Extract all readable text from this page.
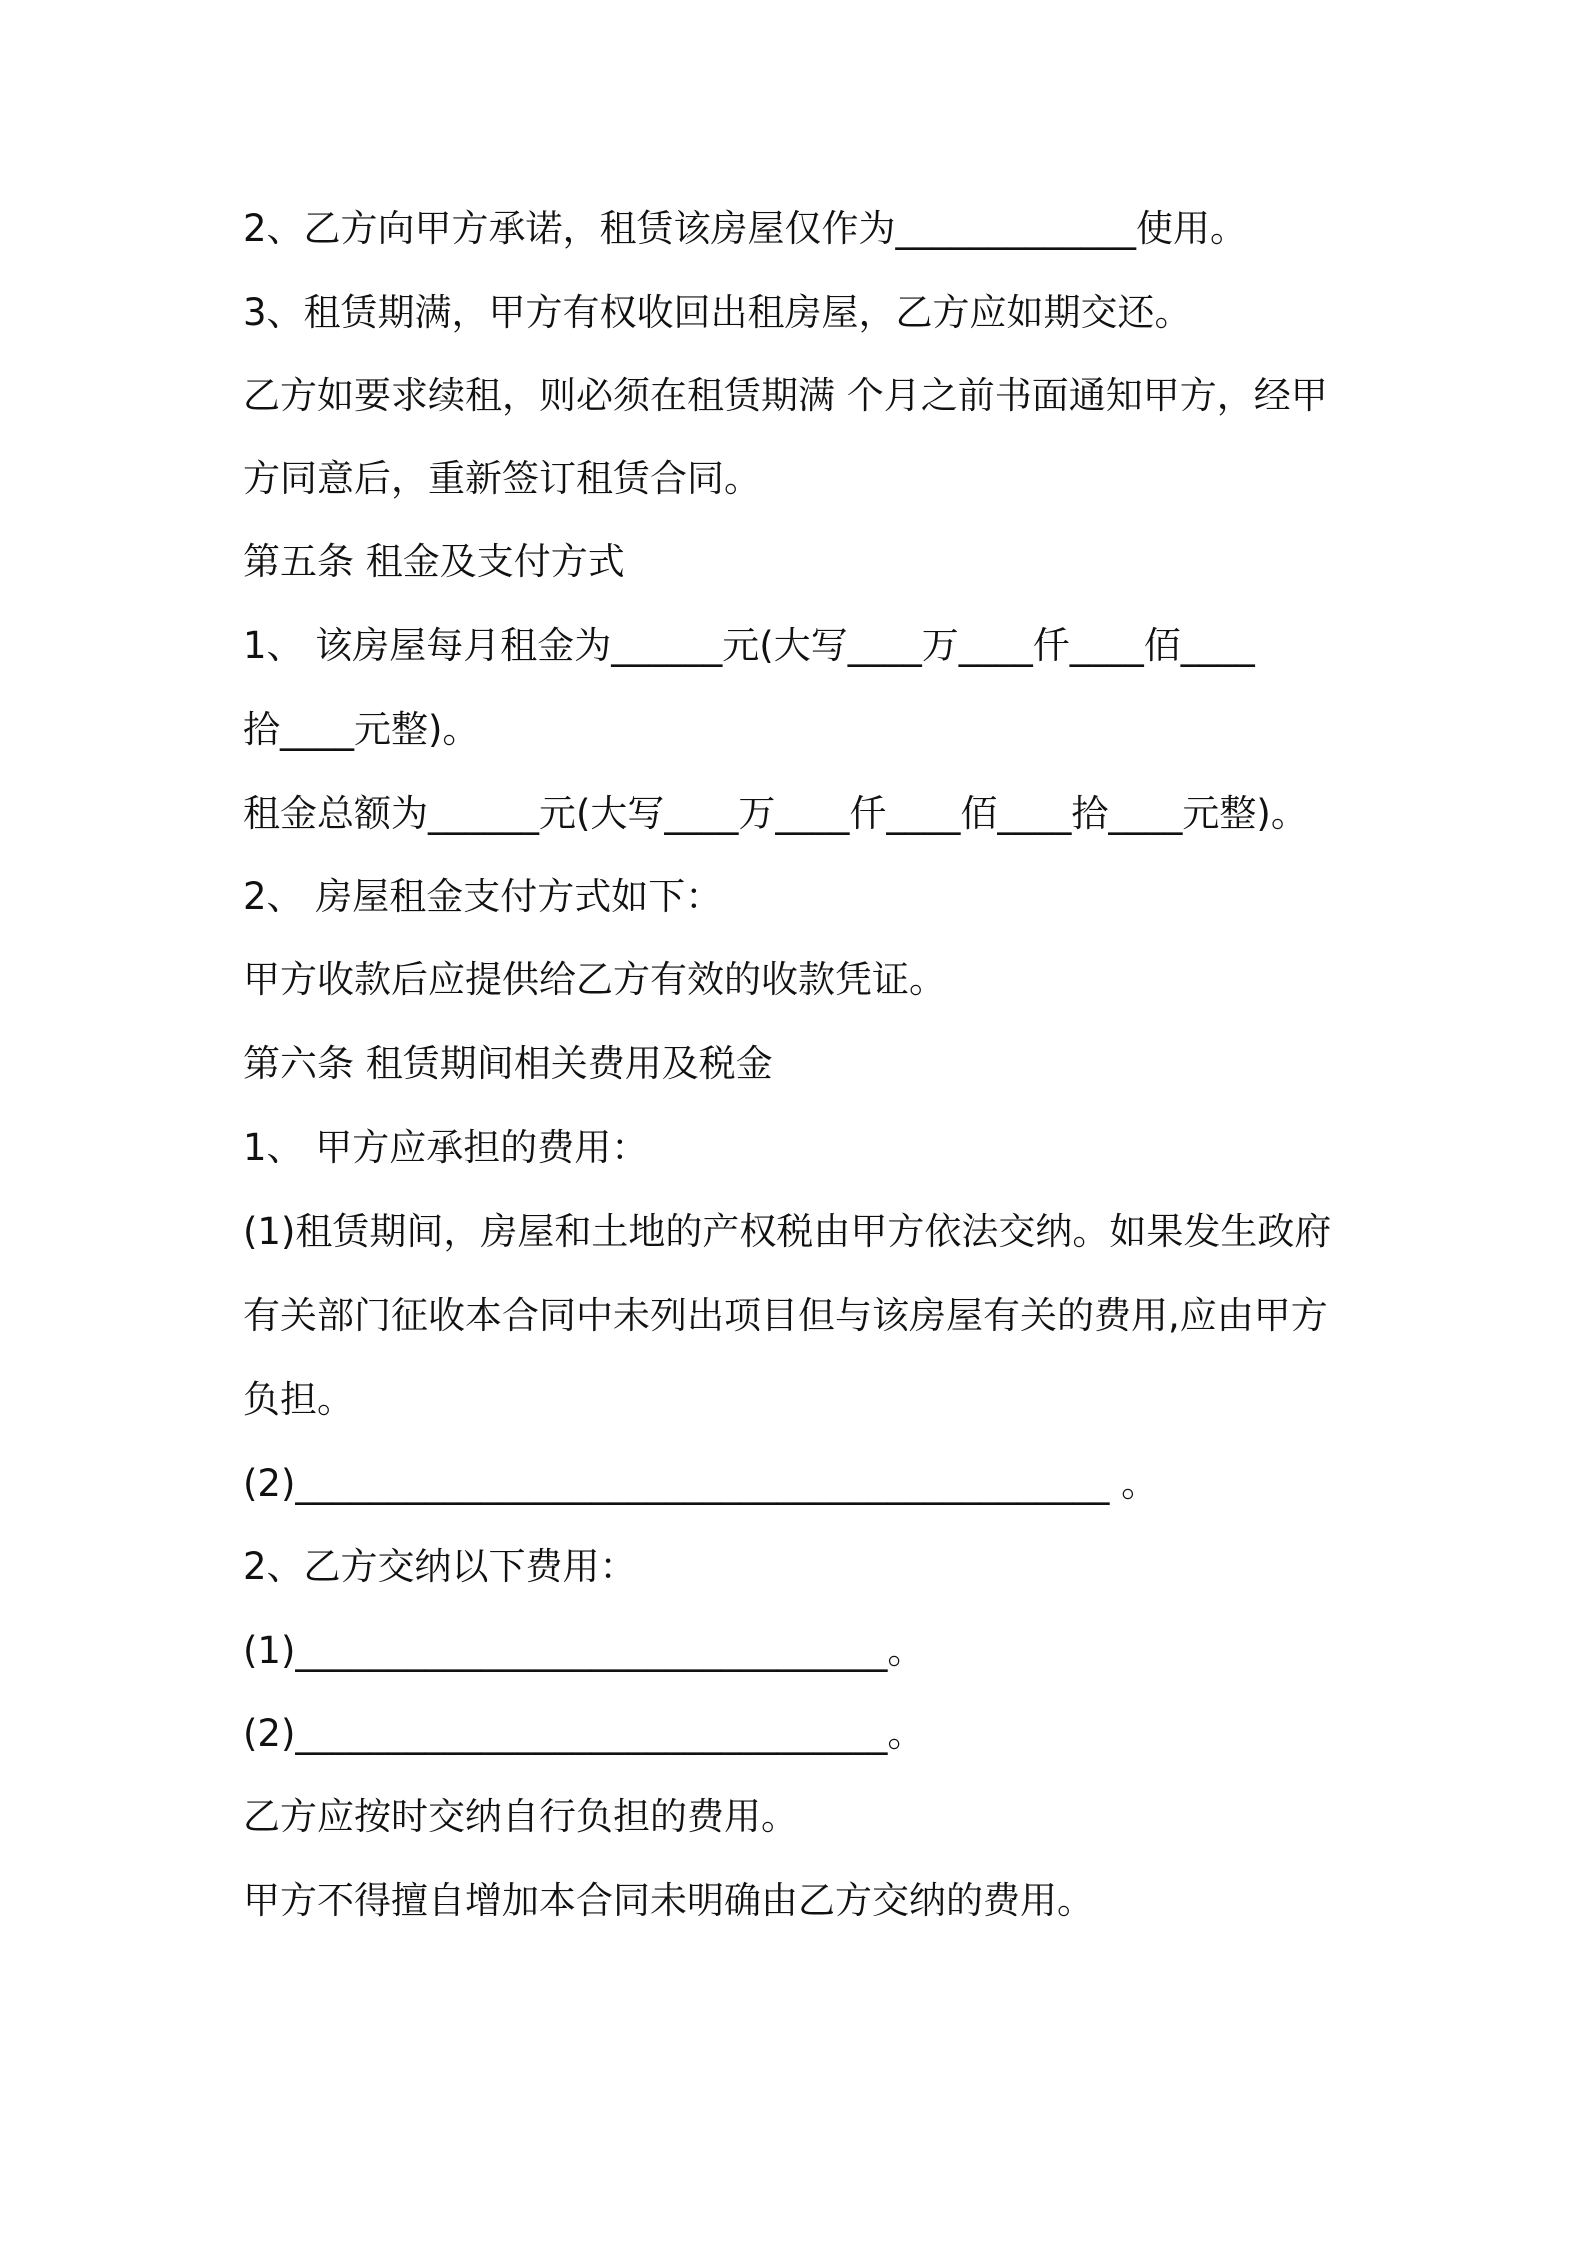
2、乙方向甲方承诺，租赁该房屋仅作为_____________使用。
3、租赁期满，甲方有权收回出租房屋，乙方应如期交还。
乙方如要求续租，则必须在租赁期满 个月之前书面通知甲方，经甲
方同意后，重新签订租赁合同。
第五条 租金及支付方式
1、 该房屋每月租金为______元(大写____万____仟____佰____
拾____元整)。
租金总额为______元(大写____万____仟____佰____拾____元整)。
2、 房屋租金支付方式如下：
甲方收款后应提供给乙方有效的收款凭证。
第六条 租赁期间相关费用及税金
1、 甲方应承担的费用：
(1)租赁期间，房屋和土地的产权税由甲方依法交纳。如果发生政府
有关部门征收本合同中未列出项目但与该房屋有关的费用,应由甲方
负担。
(2)____________________________________________ 。
2、乙方交纳以下费用：
(1)________________________________。
(2)________________________________。
乙方应按时交纳自行负担的费用。
甲方不得擅自增加本合同未明确由乙方交纳的费用。
